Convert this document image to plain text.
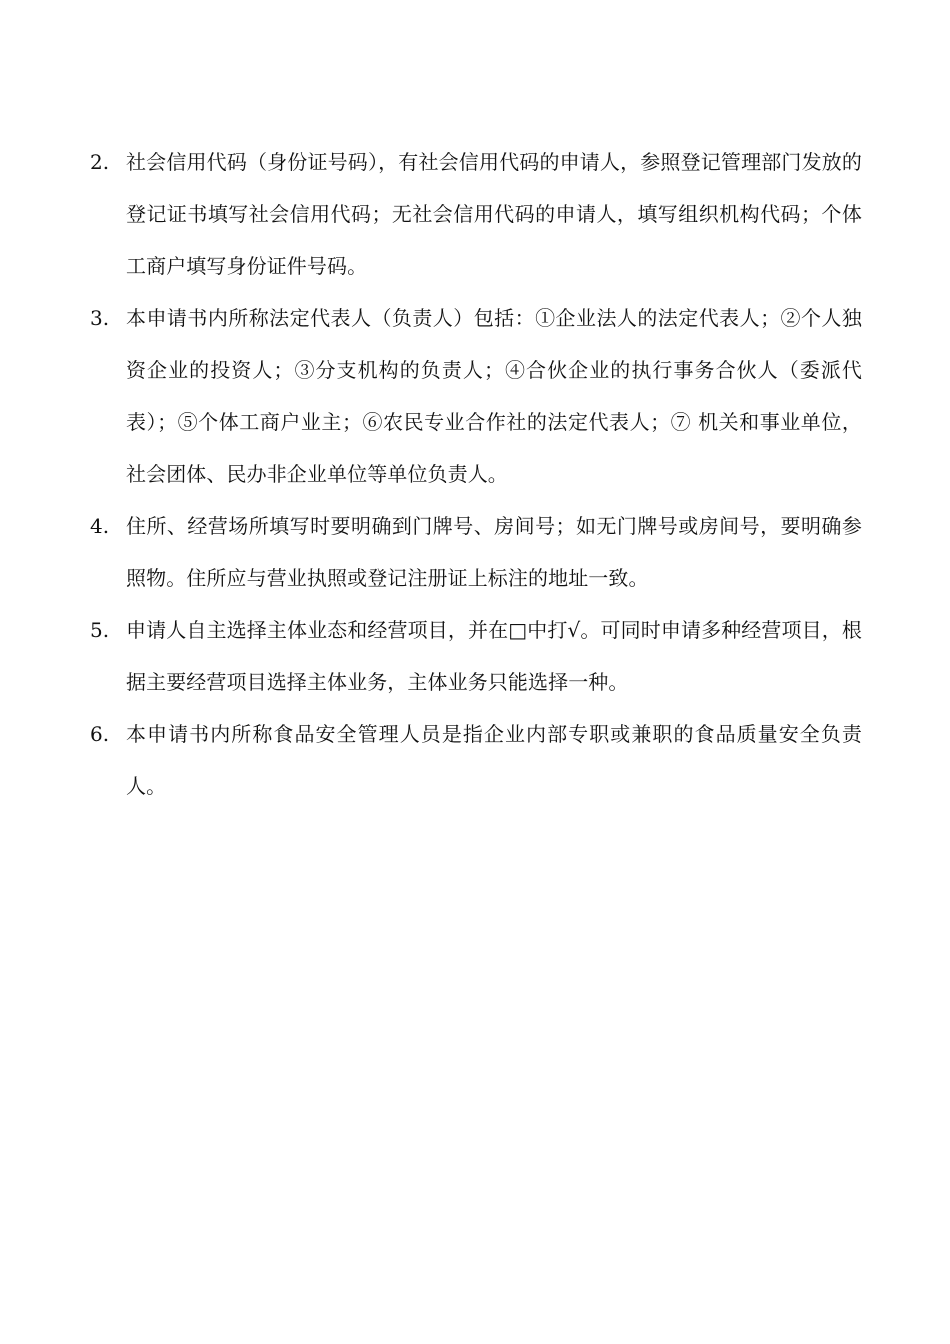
2. 社会信用代码（身份证号码），有社会信用代码的申请人，参照登记管理部门发放的登记证书填写社会信用代码；无社会信用代码的申请人，填写组织机构代码；个体工商户填写身份证件号码。
3. 本申请书内所称法定代表人（负责人）包括：①企业法人的法定代表人；②个人独资企业的投资人；③分支机构的负责人；④合伙企业的执行事务合伙人（委派代表）；⑤个体工商户业主；⑥农民专业合作社的法定代表人；⑦ 机关和事业单位，社会团体、民办非企业单位等单位负责人。
4. 住所、经营场所填写时要明确到门牌号、房间号；如无门牌号或房间号，要明确参照物。住所应与营业执照或登记注册证上标注的地址一致。
5. 申请人自主选择主体业态和经营项目，并在□中打√。可同时申请多种经营项目，根据主要经营项目选择主体业务，主体业务只能选择一种。
6. 本申请书内所称食品安全管理人员是指企业内部专职或兼职的食品质量安全负责人。
